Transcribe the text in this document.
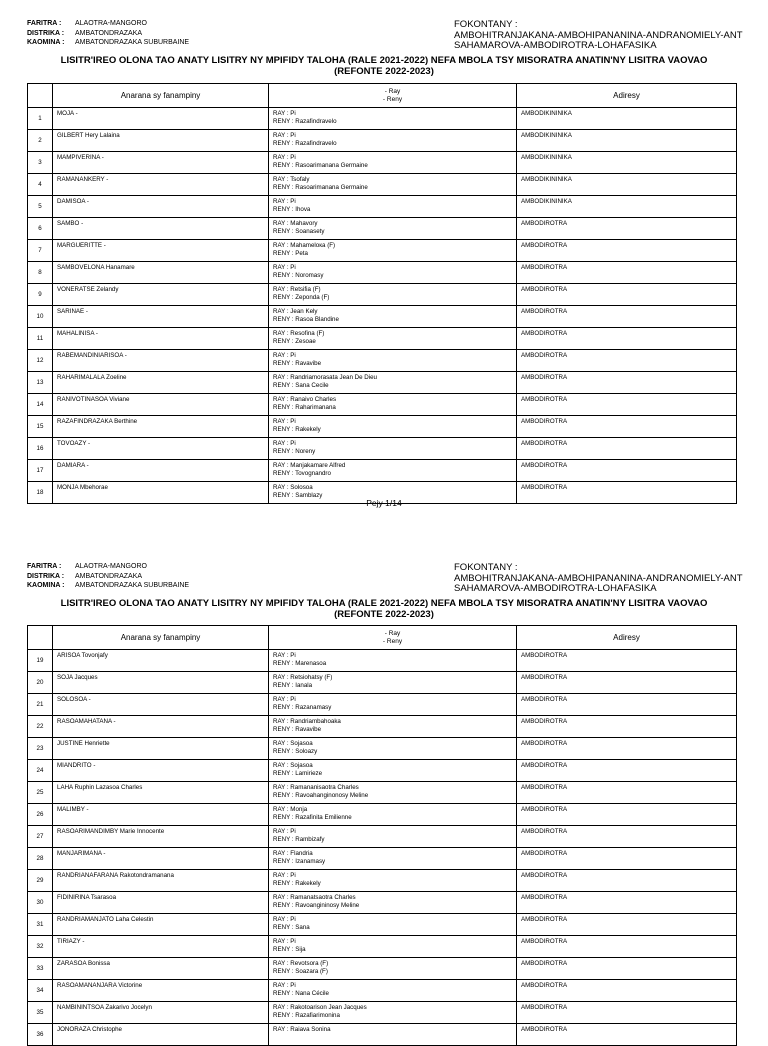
FARITRA : ALAOTRA-MANGORO
DISTRIKA : AMBATONDRAZAKA
KAOMINA : AMBATONDRAZAKA SUBURBAINE
FOKONTANY :
AMBOHITRANJAKANA-AMBOHIPANANINA-ANDRANOMIELY-ANT
SAHAMAROVA-AMBODIROTRA-LOHAFASIKA
LISITR'IREO OLONA TAO ANATY LISITRY NY MPIFIDY TALOHA (RALE 2021-2022) NEFA MBOLA TSY MISORATRA ANATIN'NY LISITRA VAOVAO
(REFONTE 2022-2023)
	Anarana sy fanampiny	- Ray
- Reny	Adiresy
1	MOJA -	RAY : Pi
RENY : Razafindravelo	AMBODIKININIKA
2	GILBERT Hery Lalaina	RAY : Pi
RENY : Razafindravelo	AMBODIKININIKA
3	MAMPIVERINA -	RAY : Pi
RENY : Rasoarimanana Germaine	AMBODIKININIKA
4	RAMANANKERY -	RAY : Tsofaly
RENY : Rasoarimanana Germaine	AMBODIKININIKA
5	DAMISOA -	RAY : Pi
RENY : Ihova	AMBODIKININIKA
6	SAMBO -	RAY : Mahavory
RENY : Soanasety	AMBODIROTRA
7	MARGUERITTE -	RAY : Mahamelока (F)
RENY : Peta	AMBODIROTRA
8	SAMBOVELONA Hanamare	RAY : Pi
RENY : Noromasy	AMBODIROTRA
9	VONERATSE Zelandy	RAY : Retsifia (F)
RENY : Zeponda (F)	AMBODIROTRA
10	SARINAE -	RAY : Jean Kely
RENY : Rasoa Blandine	AMBODIROTRA
11	MAHALINISA -	RAY : Resofina (F)
RENY : Zesoae	AMBODIROTRA
12	RABEMANDINIARISOA -	RAY : Pi
RENY : Ravavibe	AMBODIROTRA
13	RAHARIMALALA Zoeline	RAY : Randriamorasata Jean De Dieu
RENY : Sana Cecile	AMBODIROTRA
14	RANIVOTINASOA Viviane	RAY : Ranaivo Charles
RENY : Raharimanana	AMBODIROTRA
15	RAZAFINDRAZAKA Berthine	RAY : Pi
RENY : Rakekely	AMBODIROTRA
16	TOVOAZY -	RAY : Pi
RENY : Noreny	AMBODIROTRA
17	DAMIARA -	RAY : Manjakamare Alfred
RENY : Tovognandro	AMBODIROTRA
18	MONJA Mbehorae	RAY : Solosoa
RENY : Samblazy	AMBODIROTRA
Pejy 1/14
FARITRA : ALAOTRA-MANGORO
DISTRIKA : AMBATONDRAZAKA
KAOMINA : AMBATONDRAZAKA SUBURBAINE
FOKONTANY :
AMBOHITRANJAKANA-AMBOHIPANANINA-ANDRANOMIELY-ANT
SAHAMAROVA-AMBODIROTRA-LOHAFASIKA
LISITR'IREO OLONA TAO ANATY LISITRY NY MPIFIDY TALOHA (RALE 2021-2022) NEFA MBOLA TSY MISORATRA ANATIN'NY LISITRA VAOVAO
(REFONTE 2022-2023)
	Anarana sy fanampiny	- Ray
- Reny	Adiresy
19	ARISOA Tovonjafy	RAY : Pi
RENY : Marenasoa	AMBODIROTRA
20	SOJA Jacques	RAY : Retsiohatsy (F)
RENY : Ianala	AMBODIROTRA
21	SOLOSOA -	RAY : Pi
RENY : Razanamasy	AMBODIROTRA
22	RASOAMAHATANA -	RAY : Randriambahoaka
RENY : Ravavibe	AMBODIROTRA
23	JUSTINE Henriette	RAY : Sojasoa
RENY : Soloazy	AMBODIROTRA
24	MIANDRITO -	RAY : Sojasoa
RENY : Lamirieze	AMBODIROTRA
25	LAHA Ruphin Lazasoa Charles	RAY : Ramananisaotra Charles
RENY : Ravoahanginonosy Meline	AMBODIROTRA
26	MALIMBY -	RAY : Monja
RENY : Razafinita Emilienne	AMBODIROTRA
27	RASOARIMANDIMBY Marie Innocente	RAY : Pi
RENY : Rambizafy	AMBODIROTRA
28	MANJARIMANA -	RAY : Flandria
RENY : Izanamasy	AMBODIROTRA
29	RANDRIANAFARANA Rakotondramanana	RAY : Pi
RENY : Rakekely	AMBODIROTRA
30	FIDINIRINA Tsarasoa	RAY : Ramanatsaotra Charles
RENY : Ravoangininosy Meline	AMBODIROTRA
31	RANDRIAMANJATO Laha Celestin	RAY : Pi
RENY : Sana	AMBODIROTRA
32	TIRIAZY -	RAY : Pi
RENY : Sija	AMBODIROTRA
33	ZARASOA Bonissa	RAY : Revotsora (F)
RENY : Soazara (F)	AMBODIROTRA
34	RASOAMANANJARA Victorine	RAY : Pi
RENY : Nana Cécile	AMBODIROTRA
35	NAMBININTSOA Zakarivo Jocelyn	RAY : Rakotoarison Jean Jacques
RENY : Razafiarimonina	AMBODIROTRA
36	JONORAZA Christophe	RAY : Raiava Sonina	AMBODIROTRA
